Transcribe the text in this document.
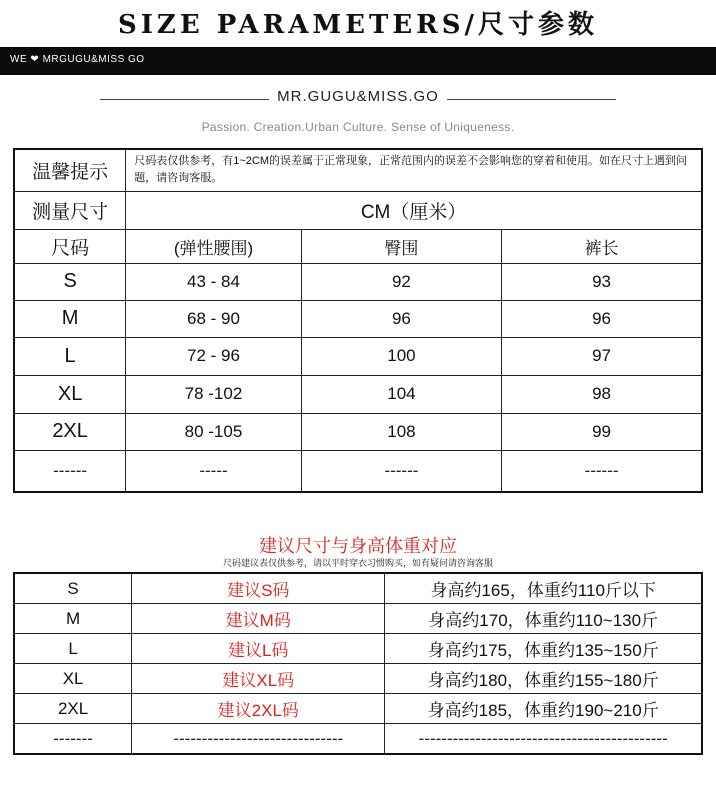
SIZE PARAMETERS/尺寸参数
WE ❤ MRGUGU&MISS GO
MR.GUGU&MISS.GO
Passion. Creation.Urban Culture. Sense of Uniqueness.
温馨提示	尺码表仅供参考，有1~2CM的误差属于正常现象，正常范围内的误差不会影响您的穿着和使用。如在尺寸上遇到问题，请咨询客服。		
测量尺寸	CM（厘米）		
尺码	(弹性腰围)	臀围	裤长
S	43 - 84	92	93
M	68 - 90	96	96
L	72 - 96	100	97
XL	78 -102	104	98
2XL	80 -105	108	99
------	-----	------	------
建议尺寸与身高体重对应
尺码建议表仅供参考，请以平时穿衣习惯购买，如有疑问请咨询客服
S	建议S码	身高约165，体重约110斤以下
M	建议M码	身高约170，体重约110~130斤
L	建议L码	身高约175，体重约135~150斤
XL	建议XL码	身高约180，体重约155~180斤
2XL	建议2XL码	身高约185，体重约190~210斤
-------	------------------------------	--------------------------------------------
